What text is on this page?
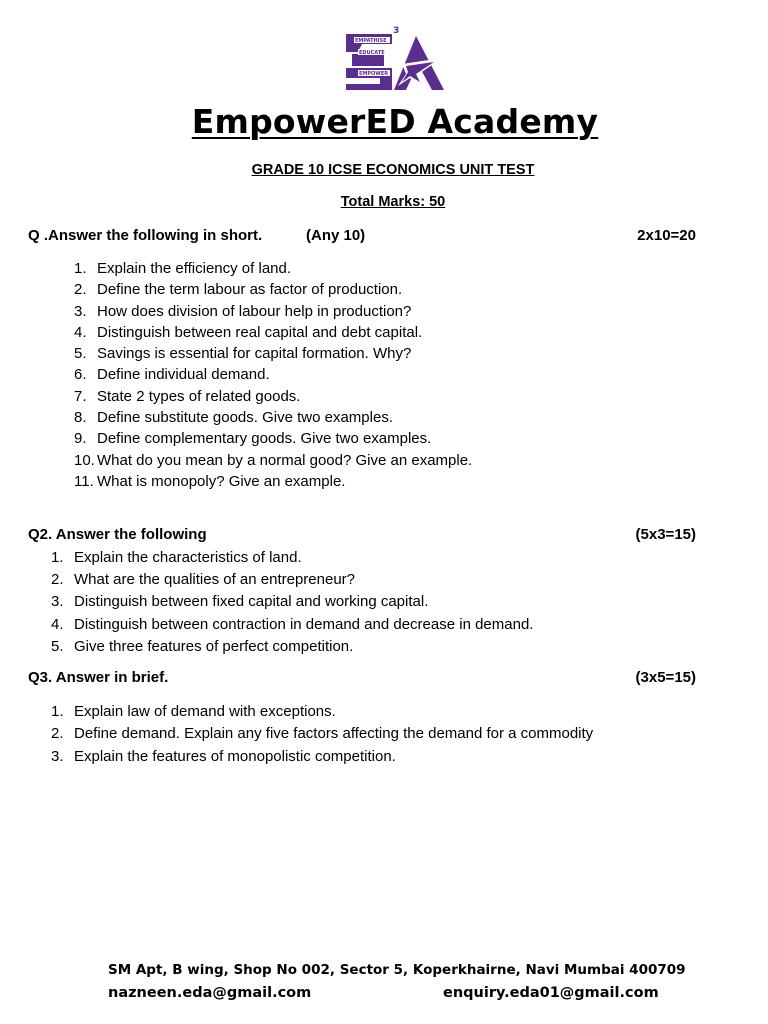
EMPATHISE
EDUCATE
EMPOWER
3
EmpowerED Academy
GRADE 10 ICSE ECONOMICS UNIT TEST
Total Marks: 50
Q .Answer the following in short.	(Any 10)	2x10=20
1. Explain the efficiency of land.
2. Define the term labour as factor of production.
3. How does division of labour help in production?
4. Distinguish between real capital and debt capital.
5. Savings is essential for capital formation. Why?
6. Define individual demand.
7. State 2 types of related goods.
8. Define substitute goods. Give two examples.
9. Define complementary goods. Give two examples.
10. What do you mean by a normal good? Give an example.
11. What is monopoly? Give an example.
Q2. Answer the following	(5x3=15)
1. Explain the characteristics of land.
2. What are the qualities of an entrepreneur?
3. Distinguish between fixed capital and working capital.
4. Distinguish between contraction in demand and decrease in demand.
5. Give three features of perfect competition.
Q3. Answer in brief.	(3x5=15)
1. Explain law of demand with exceptions.
2. Define demand. Explain any five factors affecting the demand for a commodity
3. Explain the features of monopolistic competition.
SM Apt, B wing, Shop No 002, Sector 5, Koperkhairne, Navi Mumbai 400709
nazneen.eda@gmail.com	enquiry.eda01@gmail.com
